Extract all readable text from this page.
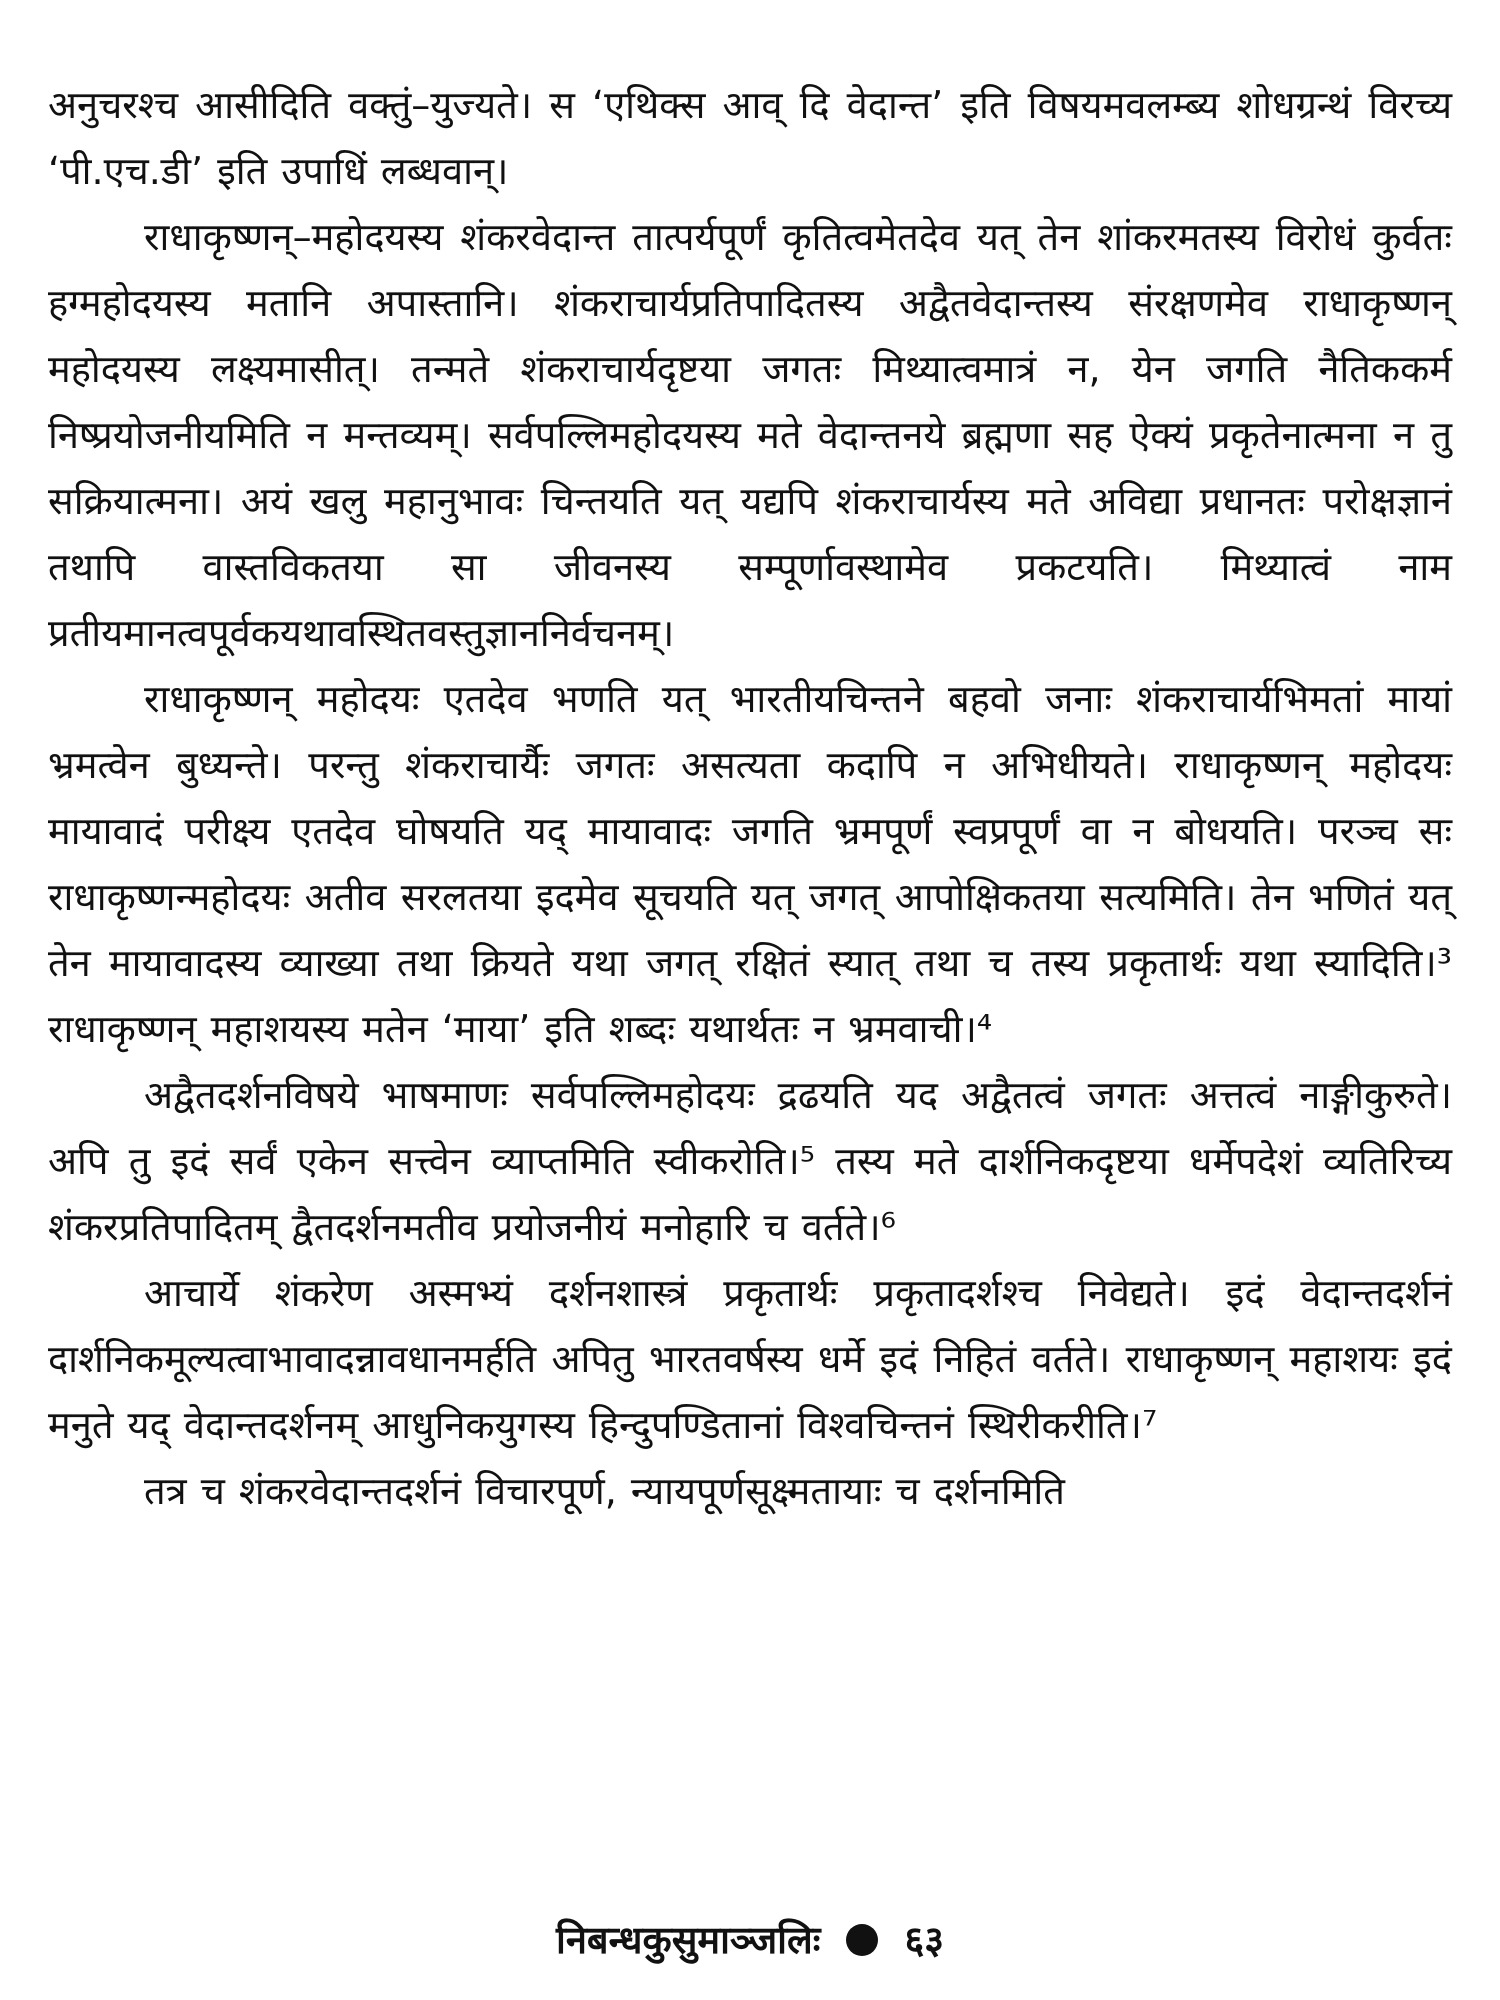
अनुचरश्च आसीदिति वक्तुं–युज्यते। स ‘एथिक्स आव् दि वेदान्त’ इति विषयमवलम्ब्य शोधग्रन्थं विरच्य ‘पी.एच.डी’ इति उपाधिं लब्धवान्।

राधाकृष्णन्–महोदयस्य शंकरवेदान्त तात्पर्यपूर्णं कृतित्वमेतदेव यत् तेन शांकरमतस्य विरोधं कुर्वतः हग्महोदयस्य मतानि अपास्तानि। शंकराचार्यप्रतिपादितस्य अद्वैतवेदान्तस्य संरक्षणमेव राधाकृष्णन् महोदयस्य लक्ष्यमासीत्। तन्मते शंकराचार्यदृष्टया जगतः मिथ्यात्वमात्रं न, येन जगति नैतिककर्म निष्प्रयोजनीयमिति न मन्तव्यम्। सर्वपल्लिमहोदयस्य मते वेदान्तनये ब्रह्मणा सह ऐक्यं प्रकृतेनात्मना न तु सक्रियात्मना। अयं खलु महानुभावः चिन्तयति यत् यद्यपि शंकराचार्यस्य मते अविद्या प्रधानतः परोक्षज्ञानं तथापि वास्तविकतया सा जीवनस्य सम्पूर्णावस्थामेव प्रकटयति। मिथ्यात्वं नाम प्रतीयमानत्वपूर्वकयथावस्थितवस्तुज्ञाननिर्वचनम्।

राधाकृष्णन् महोदयः एतदेव भणति यत् भारतीयचिन्तने बहवो जनाः शंकराचार्यभिमतां मायां भ्रमत्वेन बुध्यन्ते। परन्तु शंकराचार्यैः जगतः असत्यता कदापि न अभिधीयते। राधाकृष्णन् महोदयः मायावादं परीक्ष्य एतदेव घोषयति यद् मायावादः जगति भ्रमपूर्णं स्वप्रपूर्णं वा न बोधयति। परञ्च सः राधाकृष्णन्महोदयः अतीव सरलतया इदमेव सूचयति यत् जगत् आपोक्षिकतया सत्यमिति। तेन भणितं यत् तेन मायावादस्य व्याख्या तथा क्रियते यथा जगत् रक्षितं स्यात् तथा च तस्य प्रकृतार्थः यथा स्यादिति।³ राधाकृष्णन् महाशयस्य मतेन ‘माया’ इति शब्दः यथार्थतः न भ्रमवाची।⁴

अद्वैतदर्शनविषये भाषमाणः सर्वपल्लिमहोदयः द्रढयति यद अद्वैतत्वं जगतः अत्तत्वं नाङ्गीकुरुते। अपि तु इदं सर्वं एकेन सत्त्वेन व्याप्तमिति स्वीकरोति।⁵ तस्य मते दार्शनिकदृष्टया धर्मेपदेशं व्यतिरिच्य शंकरप्रतिपादितम् द्वैतदर्शनमतीव प्रयोजनीयं मनोहारि च वर्तते।⁶

आचार्ये शंकरेण अस्मभ्यं दर्शनशास्त्रं प्रकृतार्थः प्रकृतादर्शश्च निवेद्यते। इदं वेदान्तदर्शनं दार्शनिकमूल्यत्वाभावादन्नावधानमर्हति अपितु भारतवर्षस्य धर्मे इदं निहितं वर्तते। राधाकृष्णन् महाशयः इदं मनुते यद् वेदान्तदर्शनम् आधुनिकयुगस्य हिन्दुपण्डितानां विश्वचिन्तनं स्थिरीकरीति।⁷

तत्र च शंकरवेदान्तदर्शनं विचारपूर्ण, न्यायपूर्णसूक्ष्मतायाः च दर्शनमिति

निबन्धकुसुमाञ्जलिः ६३
